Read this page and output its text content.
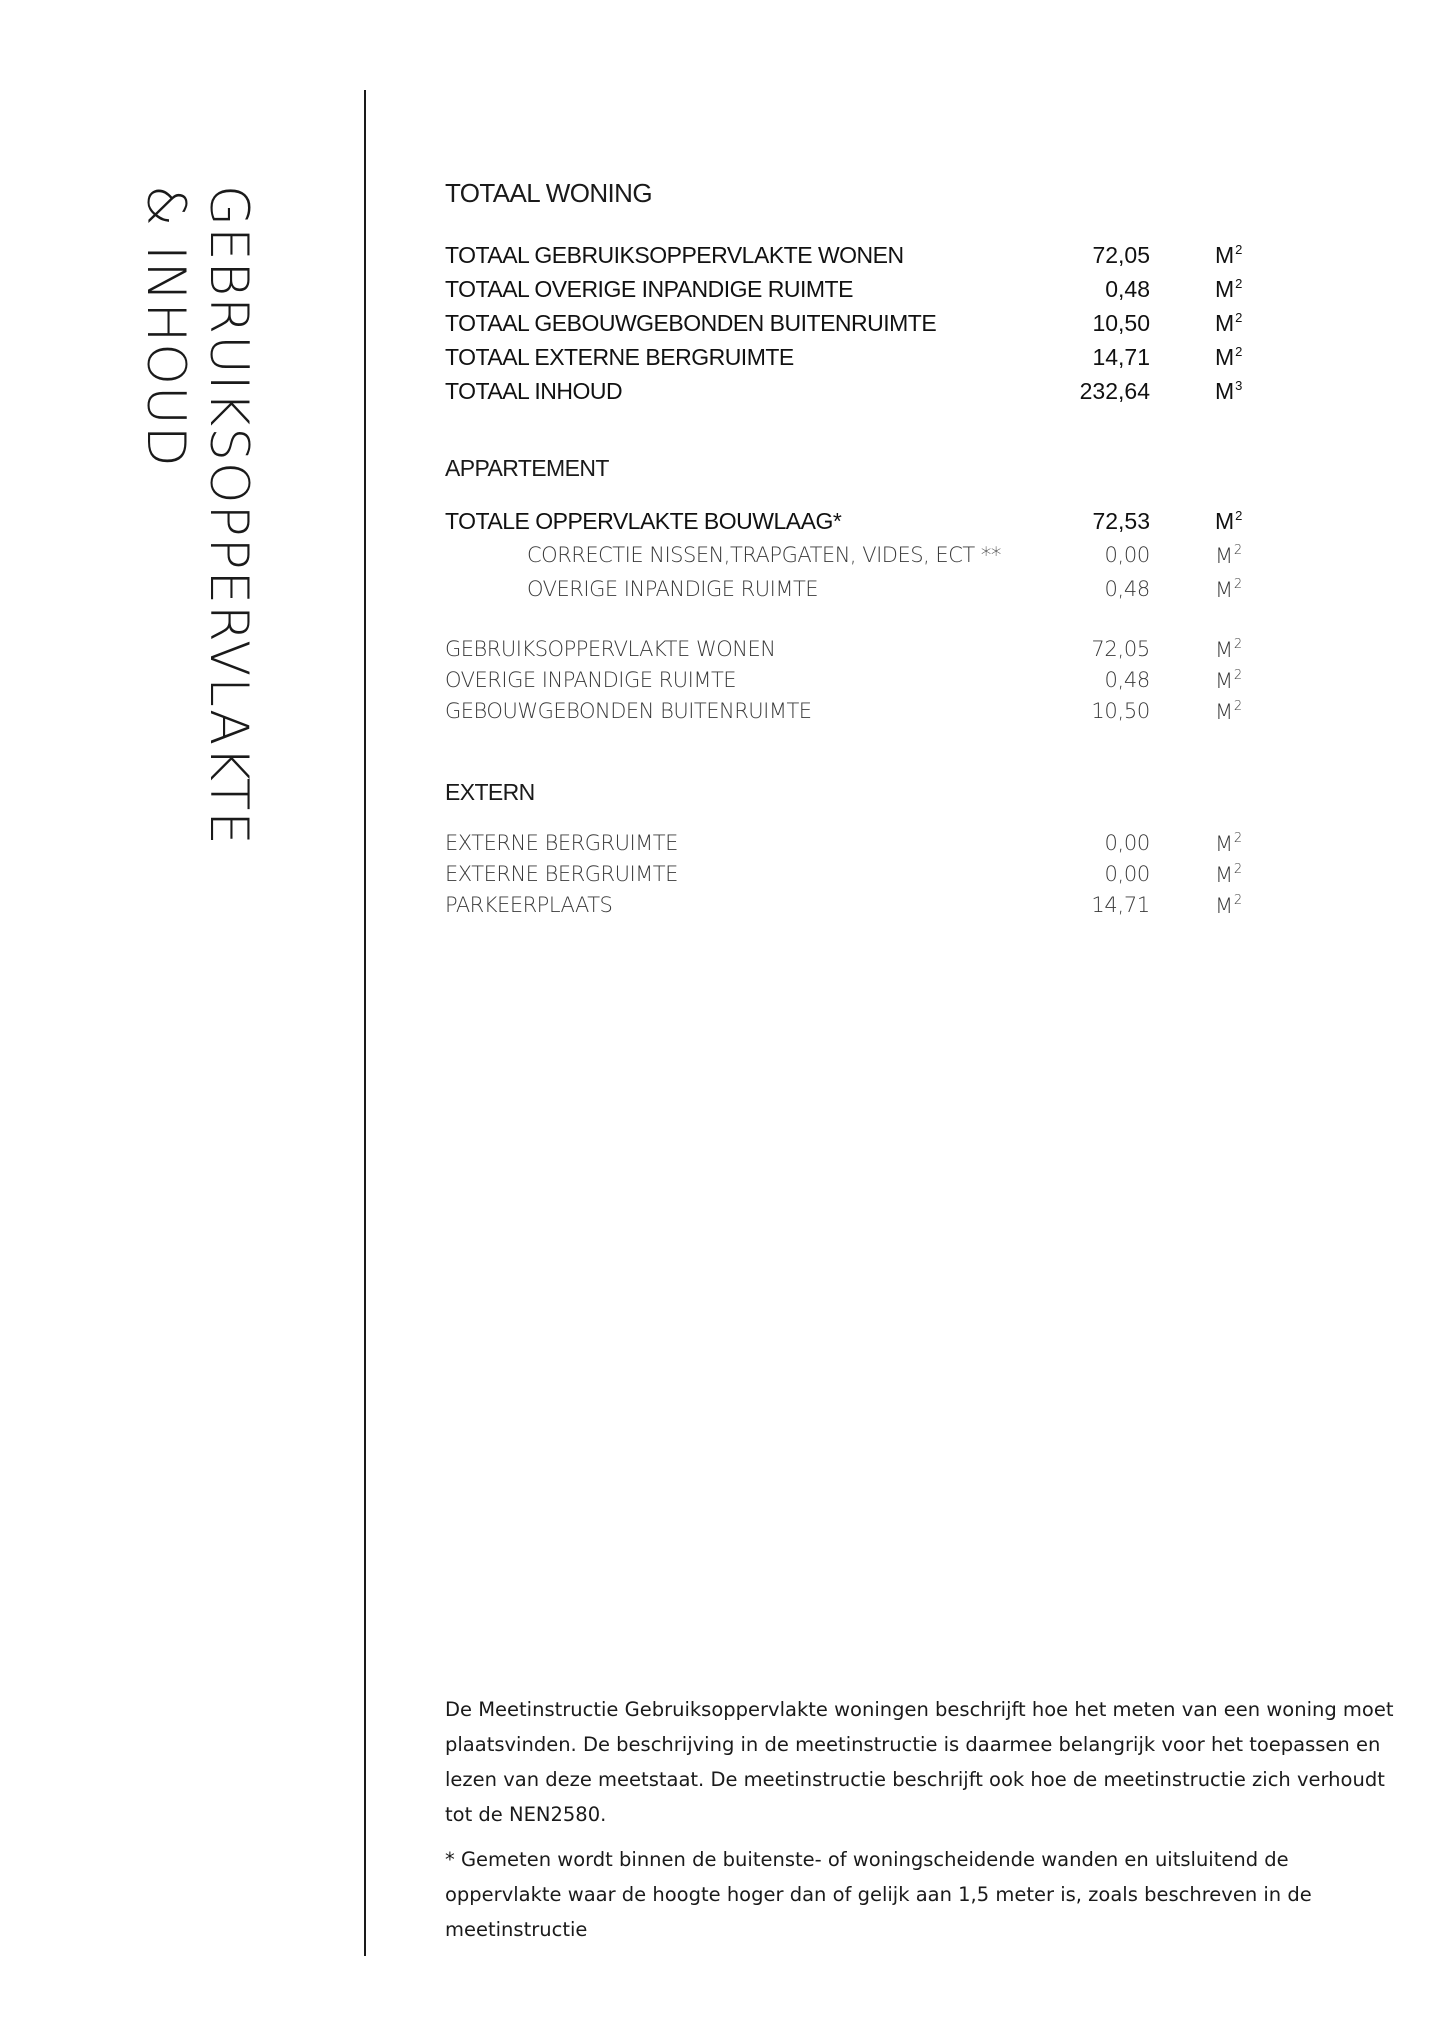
GEBRUIKSOPPERVLAKTE
& INHOUD	TOTAAL WONING
TOTAAL GEBRUIKSOPPERVLAKTE WONEN	72,05	$M^2$
TOTAAL OVERIGE INPANDIGE RUIMTE	0,48	$M^2$
TOTAAL GEBOUWGEBONDEN BUITENRUIMTE	10,50	$M^2$
TOTAAL EXTERNE BERGRUIMTE	14,71	$M^2$
TOTAAL INHOUD	232,64	$M^3$
APPARTEMENT
TOTALE OPPERVLAKTE BOUWLAAG*	72,53	$M^2$
CORRECTIE NISSEN,TRAPGATEN, VIDES, ECT **	0,00	$M^2$
OVERIGE INPANDIGE RUIMTE	0,48	$M^2$
GEBRUIKSOPPERVLAKTE WONEN	72,05	$M^2$
OVERIGE INPANDIGE RUIMTE	0,48	$M^2$
GEBOUWGEBONDEN BUITENRUIMTE	10,50	$M^2$
EXTERN
EXTERNE BERGRUIMTE	0,00	$M^2$
EXTERNE BERGRUIMTE	0,00	$M^2$
PARKEERPLAATS	14,71	$M^2$

De Meetinstructie Gebruiksoppervlakte woningen beschrijft hoe het meten van een woning moet plaatsvinden. De beschrijving in de meetinstructie is daarmee belangrijk voor het toepassen en lezen van deze meetstaat. De meetinstructie beschrijft ook hoe de meetinstructie zich verhoudt tot de NEN2580.

* Gemeten wordt binnen de buitenste- of woningscheidende wanden en uitsluitend de oppervlakte waar de hoogte hoger dan of gelijk aan 1,5 meter is, zoals beschreven in de meetinstructie
